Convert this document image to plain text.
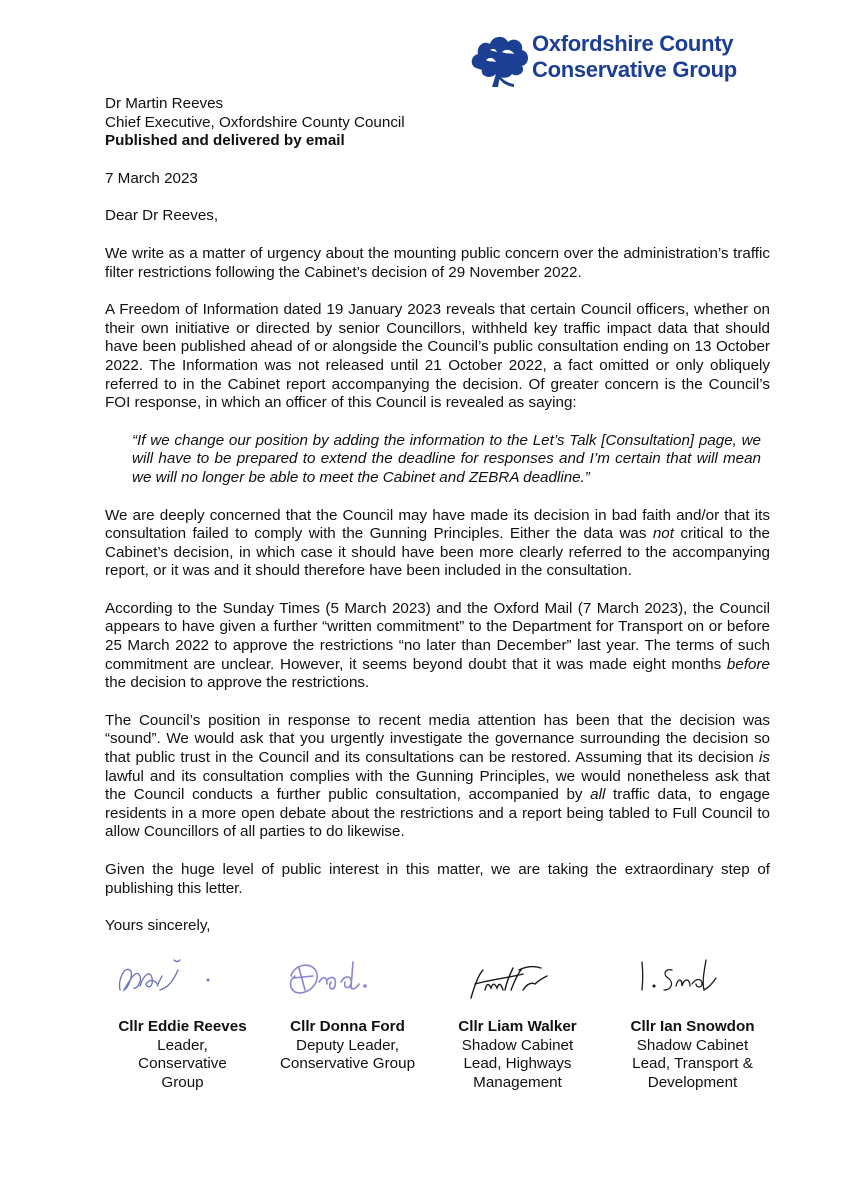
Oxfordshire County
Conservative Group
Dr Martin Reeves
Chief Executive, Oxfordshire County Council
Published and delivered by email
7 March 2023
Dear Dr Reeves,

We write as a matter of urgency about the mounting public concern over the administration’s traffic filter restrictions following the Cabinet’s decision of 29 November 2022.

A Freedom of Information dated 19 January 2023 reveals that certain Council officers, whether on their own initiative or directed by senior Councillors, withheld key traffic impact data that should have been published ahead of or alongside the Council’s public consultation ending on 13 October 2022. The Information was not released until 21 October 2022, a fact omitted or only obliquely referred to in the Cabinet report accompanying the decision. Of greater concern is the Council’s FOI response, in which an officer of this Council is revealed as saying:

“If we change our position by adding the information to the Let’s Talk [Consultation] page, we will have to be prepared to extend the deadline for responses and I’m certain that will mean we will no longer be able to meet the Cabinet and ZEBRA deadline.”

We are deeply concerned that the Council may have made its decision in bad faith and/or that its consultation failed to comply with the Gunning Principles. Either the data was not critical to the Cabinet’s decision, in which case it should have been more clearly referred to the accompanying report, or it was and it should therefore have been included in the consultation.

According to the Sunday Times (5 March 2023) and the Oxford Mail (7 March 2023), the Council appears to have given a further “written commitment” to the Department for Transport on or before 25 March 2022 to approve the restrictions “no later than December” last year. The terms of such commitment are unclear. However, it seems beyond doubt that it was made eight months before the decision to approve the restrictions.

The Council’s position in response to recent media attention has been that the decision was “sound”. We would ask that you urgently investigate the governance surrounding the decision so that public trust in the Council and its consultations can be restored. Assuming that its decision is lawful and its consultation complies with the Gunning Principles, we would nonetheless ask that the Council conducts a further public consultation, accompanied by all traffic data, to engage residents in a more open debate about the restrictions and a report being tabled to Full Council to allow Councillors of all parties to do likewise.

Given the huge level of public interest in this matter, we are taking the extraordinary step of publishing this letter.

Yours sincerely,
Cllr Eddie Reeves
Leader,
Conservative
Group
Cllr Donna Ford
Deputy Leader,
Conservative Group
Cllr Liam Walker
Shadow Cabinet
Lead, Highways
Management
Cllr Ian Snowdon
Shadow Cabinet
Lead, Transport &
Development
